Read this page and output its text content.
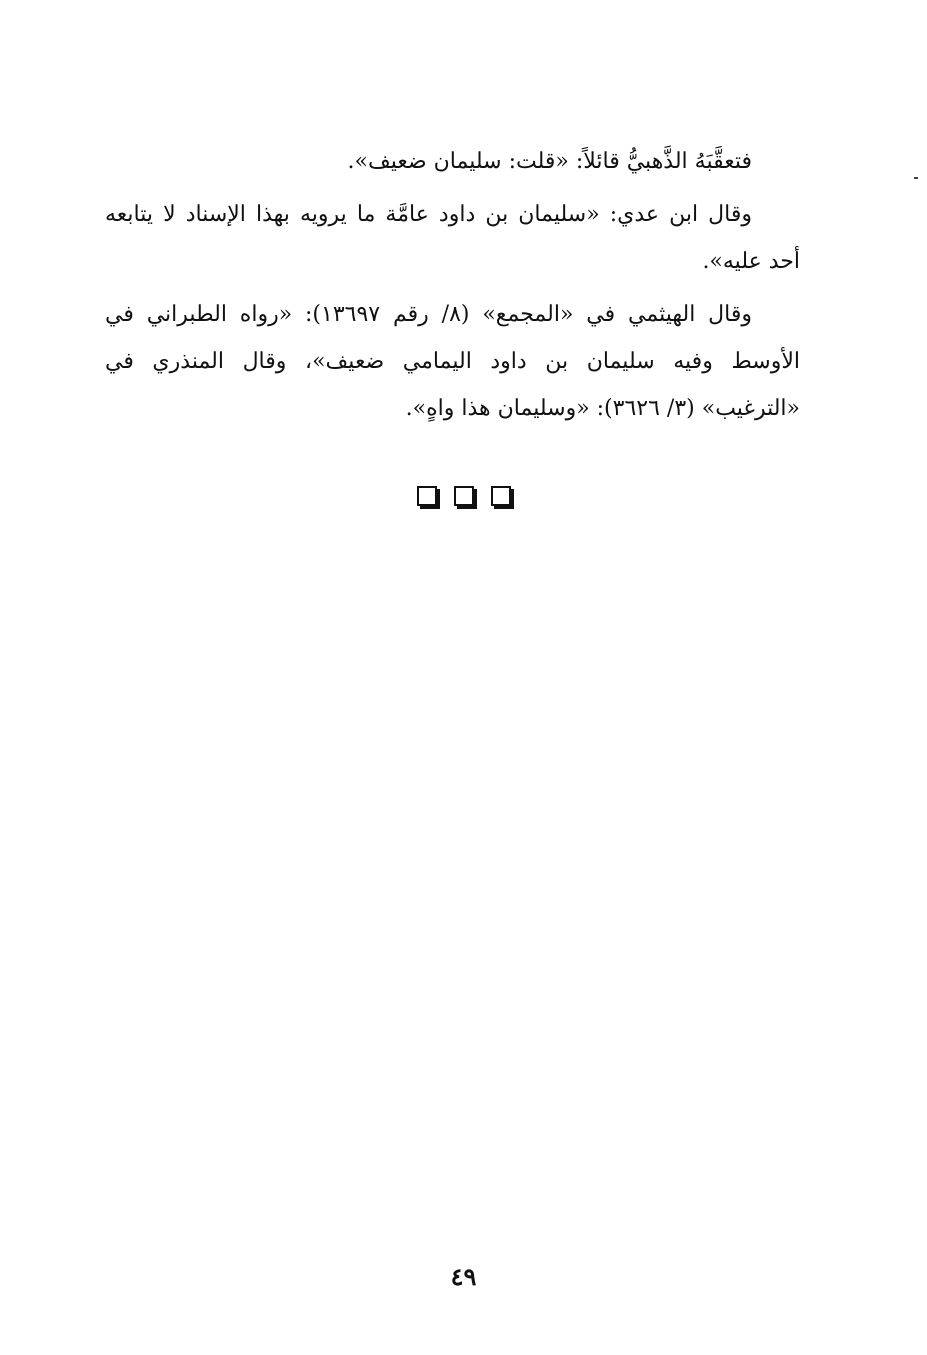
فتعقَّبَهُ الذَّهبيُّ قائلاً: «قلت: سليمان ضعيف».

وقال ابن عدي: «سليمان بن داود عامَّة ما يرويه بهذا الإسناد لا يتابعه أحد عليه».

وقال الهيثمي في «المجمع» (٨/ رقم ١٣٦٩٧): «رواه الطبراني في الأوسط وفيه سليمان بن داود اليمامي ضعيف»، وقال المنذري في «الترغيب» (٣/ ٣٦٢٦): «وسليمان هذا واهٍ».

٤٩
